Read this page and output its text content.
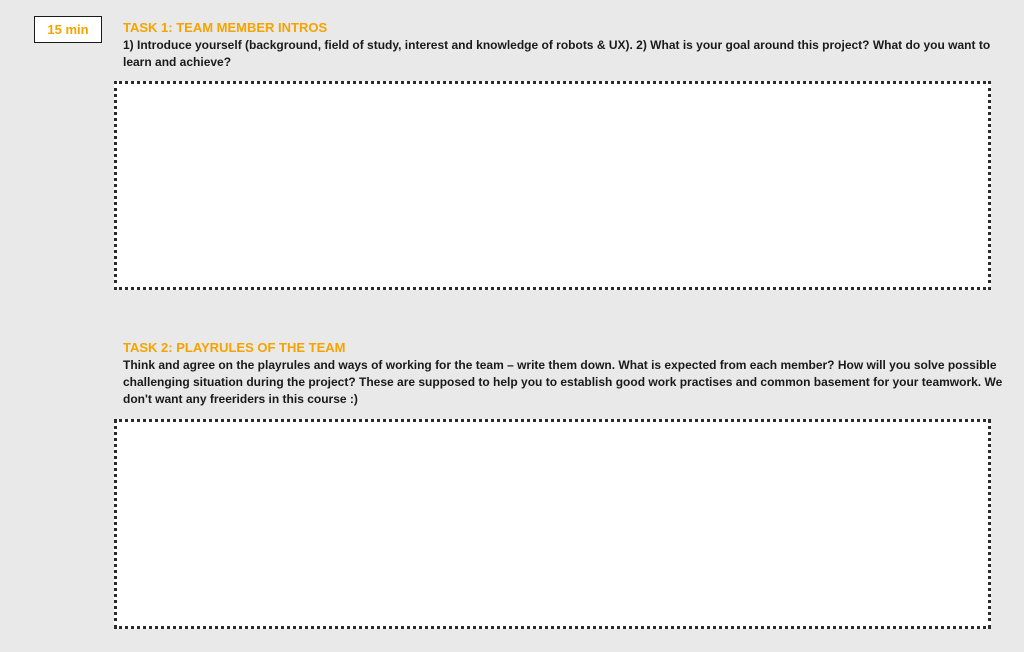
15 min	TASK 1: TEAM MEMBER INTROS

1) Introduce yourself (background, field of study, interest and knowledge of robots & UX). 2) What is your goal around this project? What do you want to learn and achieve?

TASK 2: PLAYRULES OF THE TEAM

Think and agree on the playrules and ways of working for the team – write them down. What is expected from each member? How will you solve possible challenging situation during the project? These are supposed to help you to establish good work practises and common basement for your teamwork. We don't want any freeriders in this course :)
